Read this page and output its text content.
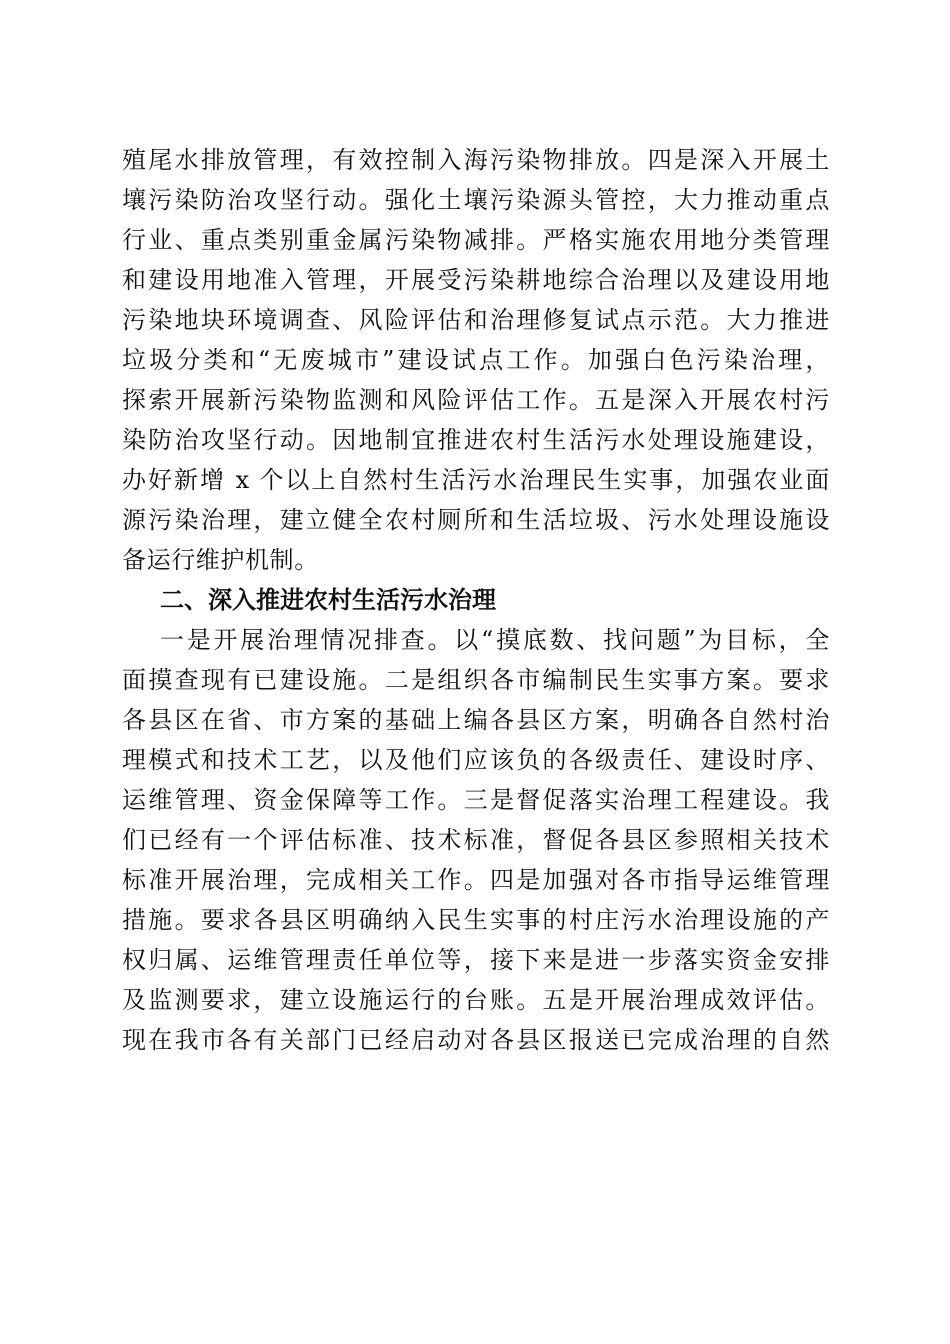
殖尾水排放管理，有效控制入海污染物排放。四是深入开展土
壤污染防治攻坚行动。强化土壤污染源头管控，大力推动重点
行业、重点类别重金属污染物减排。严格实施农用地分类管理
和建设用地准入管理，开展受污染耕地综合治理以及建设用地
污染地块环境调查、风险评估和治理修复试点示范。大力推进
垃圾分类和“无废城市”建设试点工作。加强白色污染治理，
探索开展新污染物监测和风险评估工作。五是深入开展农村污
染防治攻坚行动。因地制宜推进农村生活污水处理设施建设，
办好新增 x 个以上自然村生活污水治理民生实事，加强农业面
源污染治理，建立健全农村厕所和生活垃圾、污水处理设施设
备运行维护机制。
二、深入推进农村生活污水治理
一是开展治理情况排查。以“摸底数、找问题”为目标，全
面摸查现有已建设施。二是组织各市编制民生实事方案。要求
各县区在省、市方案的基础上编各县区方案，明确各自然村治
理模式和技术工艺，以及他们应该负的各级责任、建设时序、
运维管理、资金保障等工作。三是督促落实治理工程建设。我
们已经有一个评估标准、技术标准，督促各县区参照相关技术
标准开展治理，完成相关工作。四是加强对各市指导运维管理
措施。要求各县区明确纳入民生实事的村庄污水治理设施的产
权归属、运维管理责任单位等，接下来是进一步落实资金安排
及监测要求，建立设施运行的台账。五是开展治理成效评估。
现在我市各有关部门已经启动对各县区报送已完成治理的自然
